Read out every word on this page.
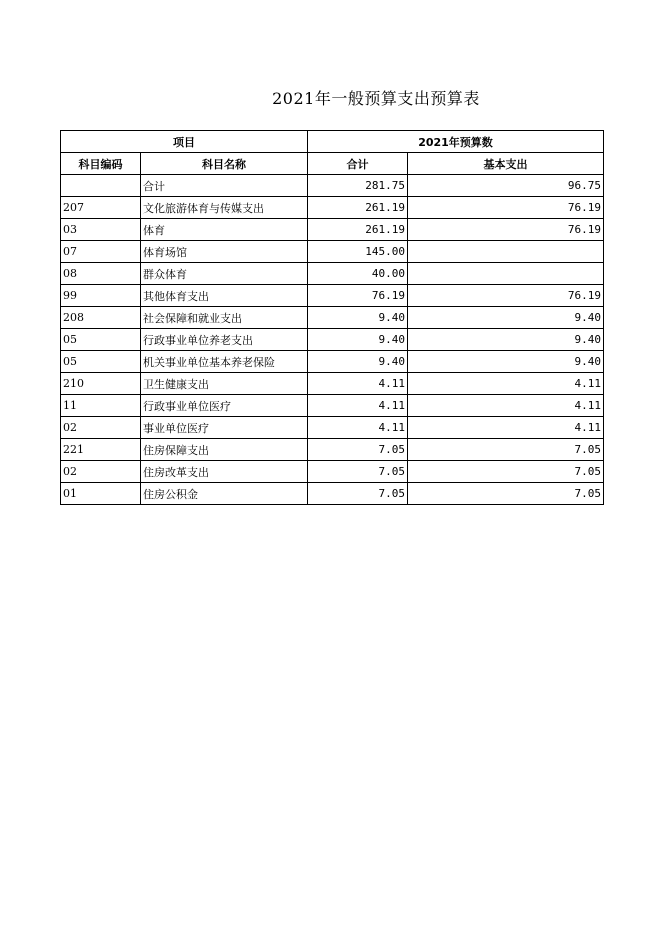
2021年一般预算支出预算表
项目		2021年预算数	
科目编码	科目名称	合计	基本支出
	合计	281.75	96.75
207	文化旅游体育与传媒支出	261.19	76.19
03	体育	261.19	76.19
07	体育场馆	145.00	
08	群众体育	40.00	
99	其他体育支出	76.19	76.19
208	社会保障和就业支出	9.40	9.40
05	行政事业单位养老支出	9.40	9.40
05	机关事业单位基本养老保险	9.40	9.40
210	卫生健康支出	4.11	4.11
11	行政事业单位医疗	4.11	4.11
02	事业单位医疗	4.11	4.11
221	住房保障支出	7.05	7.05
02	住房改革支出	7.05	7.05
01	住房公积金	7.05	7.05
